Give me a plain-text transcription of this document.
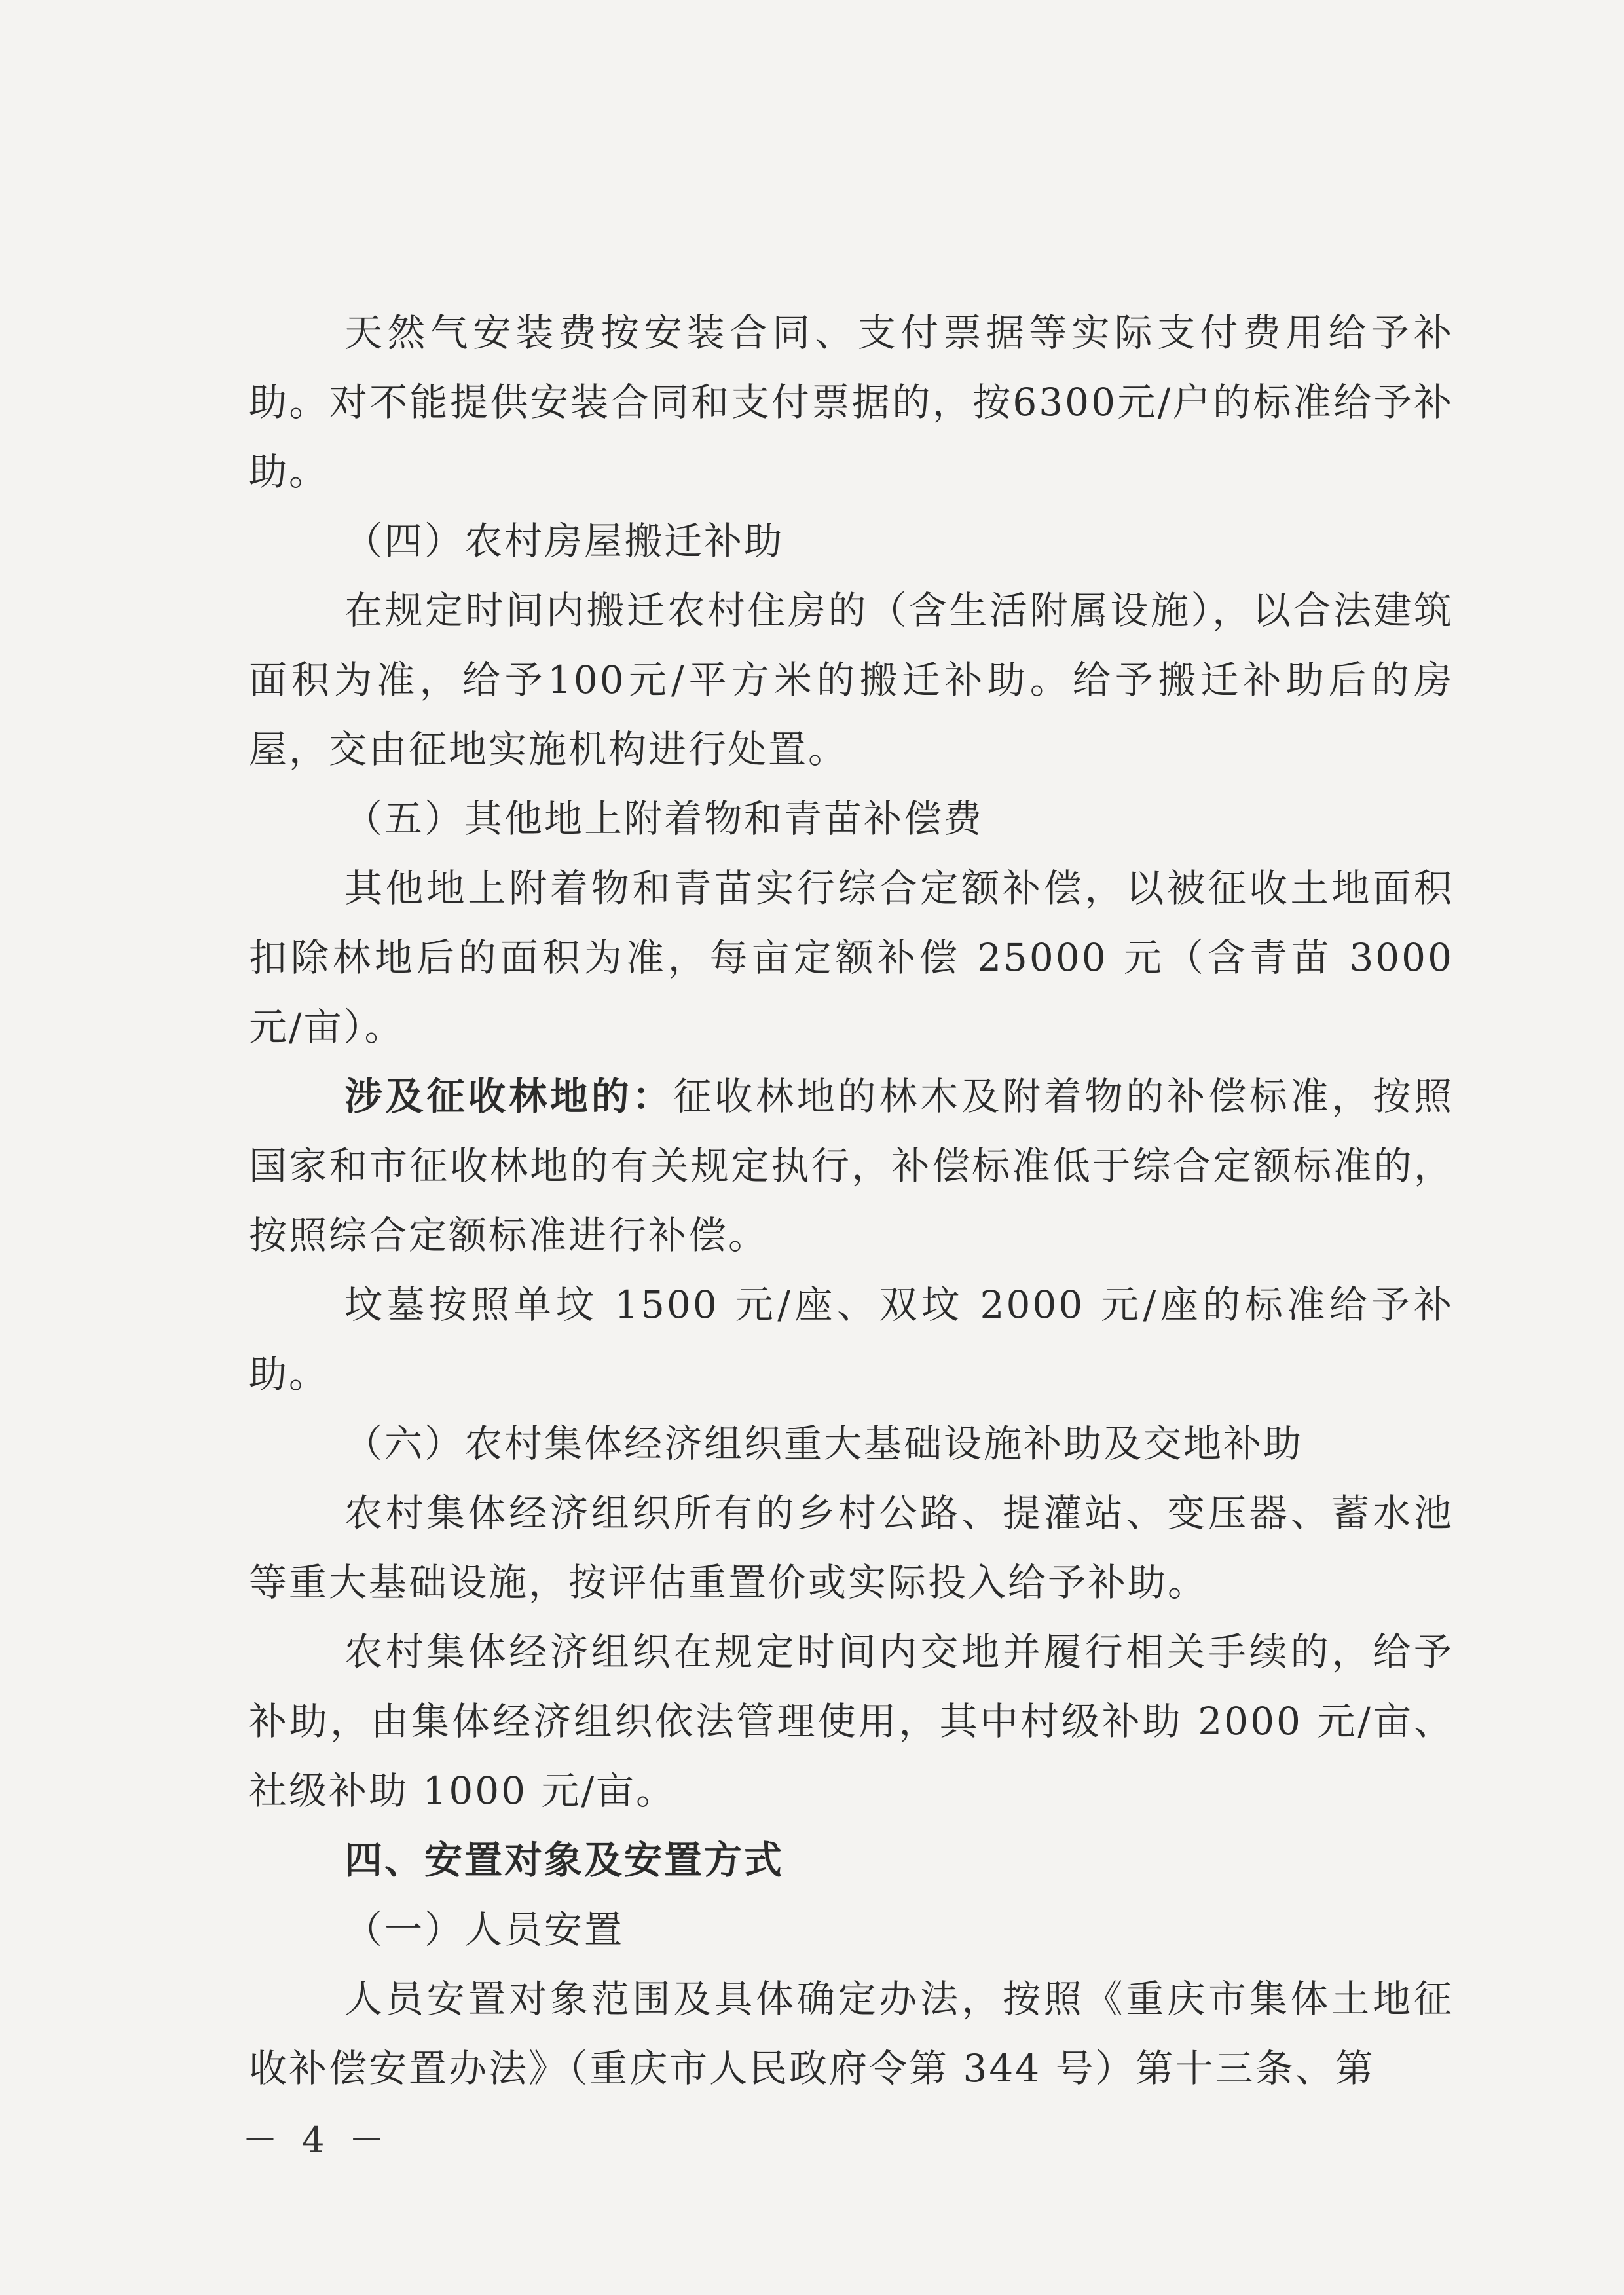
天然气安装费按安装合同、支付票据等实际支付费用给予补助。对不能提供安装合同和支付票据的，按6300元/户的标准给予补助。

（四）农村房屋搬迁补助

在规定时间内搬迁农村住房的（含生活附属设施），以合法建筑面积为准，给予100元/平方米的搬迁补助。给予搬迁补助后的房屋，交由征地实施机构进行处置。

（五）其他地上附着物和青苗补偿费

其他地上附着物和青苗实行综合定额补偿，以被征收土地面积扣除林地后的面积为准，每亩定额补偿 25000 元（含青苗 3000 元/亩）。

涉及征收林地的：征收林地的林木及附着物的补偿标准，按照国家和市征收林地的有关规定执行，补偿标准低于综合定额标准的，按照综合定额标准进行补偿。

坟墓按照单坟 1500 元/座、双坟 2000 元/座的标准给予补助。

（六）农村集体经济组织重大基础设施补助及交地补助

农村集体经济组织所有的乡村公路、提灌站、变压器、蓄水池等重大基础设施，按评估重置价或实际投入给予补助。

农村集体经济组织在规定时间内交地并履行相关手续的，给予补助，由集体经济组织依法管理使用，其中村级补助 2000 元/亩、社级补助 1000 元/亩。

四、安置对象及安置方式

（一）人员安置

人员安置对象范围及具体确定办法，按照《重庆市集体土地征收补偿安置办法》（重庆市人民政府令第 344 号）第十三条、第

－ 4 －
